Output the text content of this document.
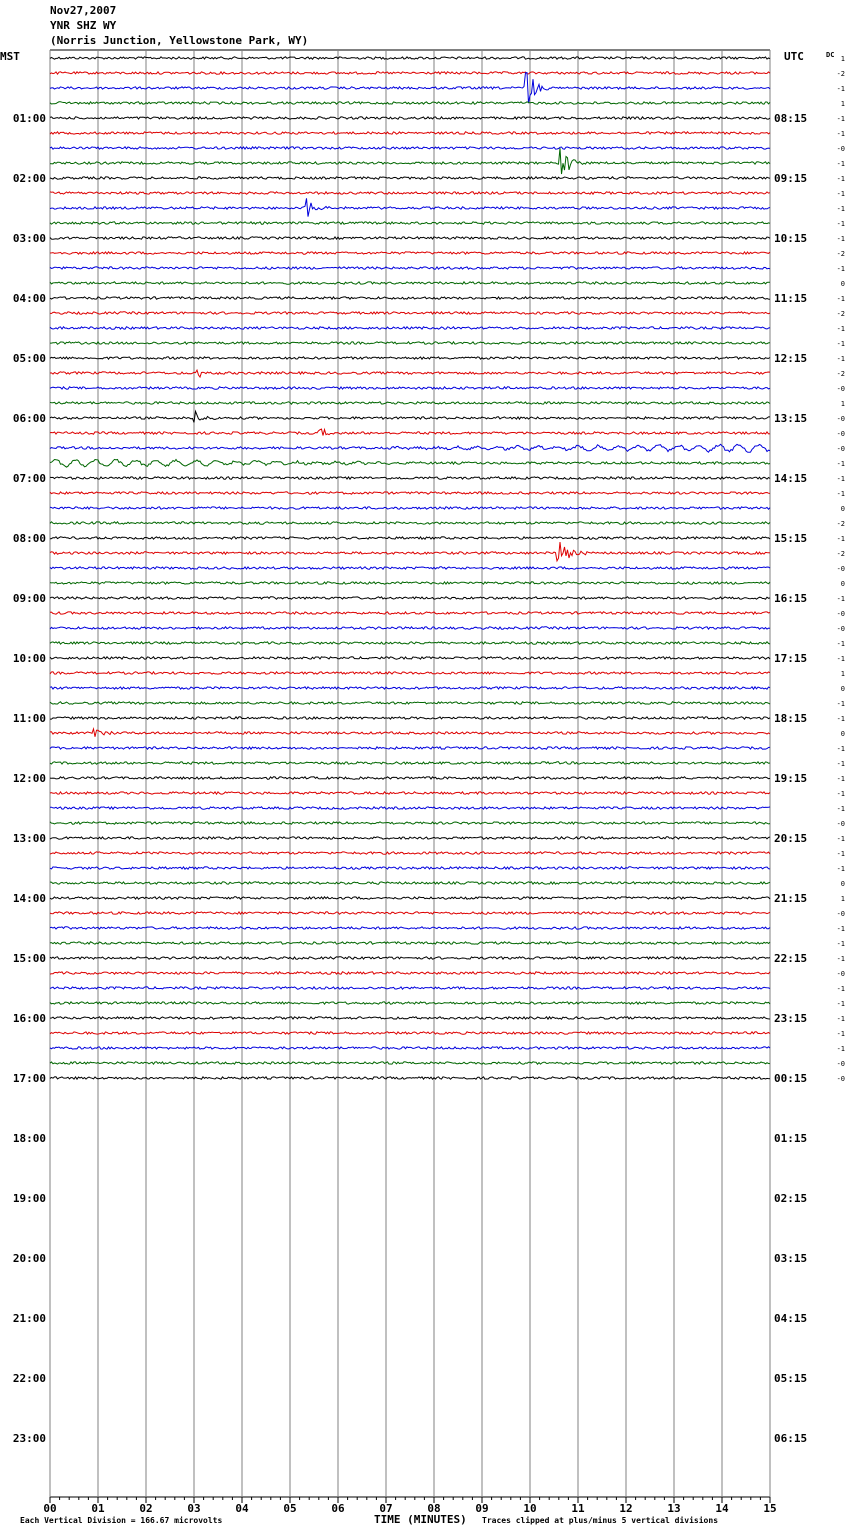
Nov27,2007
YNR SHZ WY
(Norris Junction, Yellowstone Park, WY)
00	01	02	03	04	05	06	07	08	09	10	11	12	13	14	15
01:00
02:00
03:00
04:00
05:00
06:00
07:00
08:00
09:00
10:00
11:00
12:00
13:00
14:00
15:00
16:00
17:00
18:00
19:00
20:00
21:00
22:00
23:00
08:15
09:15
10:15
11:15
12:15
13:15
14:15
15:15
16:15
17:15
18:15
19:15
20:15
21:15
22:15
23:15
00:15
01:15
02:15
03:15
04:15
05:15
06:15
1
-2
-1
1
-1
-1
-0
-1
-1
-1
-1
-1
-1
-2
-1
0
-1
-2
-1
-1
-1
-2
-0
1
-0
-0
-0
-1
-1
-1
0
-2
-1
-2
-0
0
-1
-0
-0
-1
-1
1
0
-1
-1
0
-1
-1
-1
-1
-1
-0
-1
-1
-1
0
1
-0
-1
-1
-1
-0
-1
-1
-1
-1
-1
-0
-0
MST	UTC	DC
Each Vertical Division = 166.67 microvolts	TIME (MINUTES) Traces clipped at plus/minus 5 vertical divisions
